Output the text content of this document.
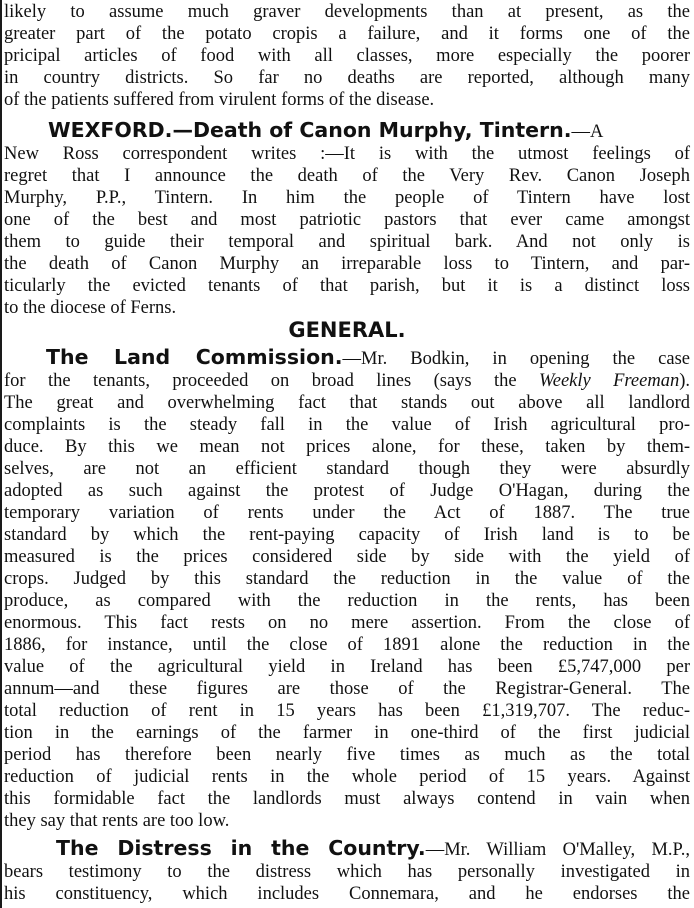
likely to assume much graver developments than at present, as the
greater part of the potato cropis a failure, and it forms one of the
pricipal articles of food with all classes, more especially the poorer
in country districts. So far no deaths are reported, although many
of the patients suffered from virulent forms of the disease.
WEXFORD.—Death of Canon Murphy, Tintern.—A
New Ross correspondent writes :—It is with the utmost feelings of
regret that I announce the death of the Very Rev. Canon Joseph
Murphy, P.P., Tintern. In him the people of Tintern have lost
one of the best and most patriotic pastors that ever came amongst
them to guide their temporal and spiritual bark. And not only is
the death of Canon Murphy an irreparable loss to Tintern, and par-
ticularly the evicted tenants of that parish, but it is a distinct loss
to the diocese of Ferns.
GENERAL.
The Land Commission.—Mr. Bodkin, in opening the case
for the tenants, proceeded on broad lines (says the Weekly Freeman).
The great and overwhelming fact that stands out above all landlord
complaints is the steady fall in the value of Irish agricultural pro-
duce. By this we mean not prices alone, for these, taken by them-
selves, are not an efficient standard though they were absurdly
adopted as such against the protest of Judge O'Hagan, during the
temporary variation of rents under the Act of 1887. The true
standard by which the rent-paying capacity of Irish land is to be
measured is the prices considered side by side with the yield of
crops. Judged by this standard the reduction in the value of the
produce, as compared with the reduction in the rents, has been
enormous. This fact rests on no mere assertion. From the close of
1886, for instance, until the close of 1891 alone the reduction in the
value of the agricultural yield in Ireland has been £5,747,000 per
annum—and these figures are those of the Registrar-General. The
total reduction of rent in 15 years has been £1,319,707. The reduc-
tion in the earnings of the farmer in one-third of the first judicial
period has therefore been nearly five times as much as the total
reduction of judicial rents in the whole period of 15 years. Against
this formidable fact the landlords must always contend in vain when
they say that rents are too low.
The Distress in the Country.—Mr. William O'Malley, M.P.,
bears testimony to the distress which has personally investigated in
his constituency, which includes Connemara, and he endorses the
